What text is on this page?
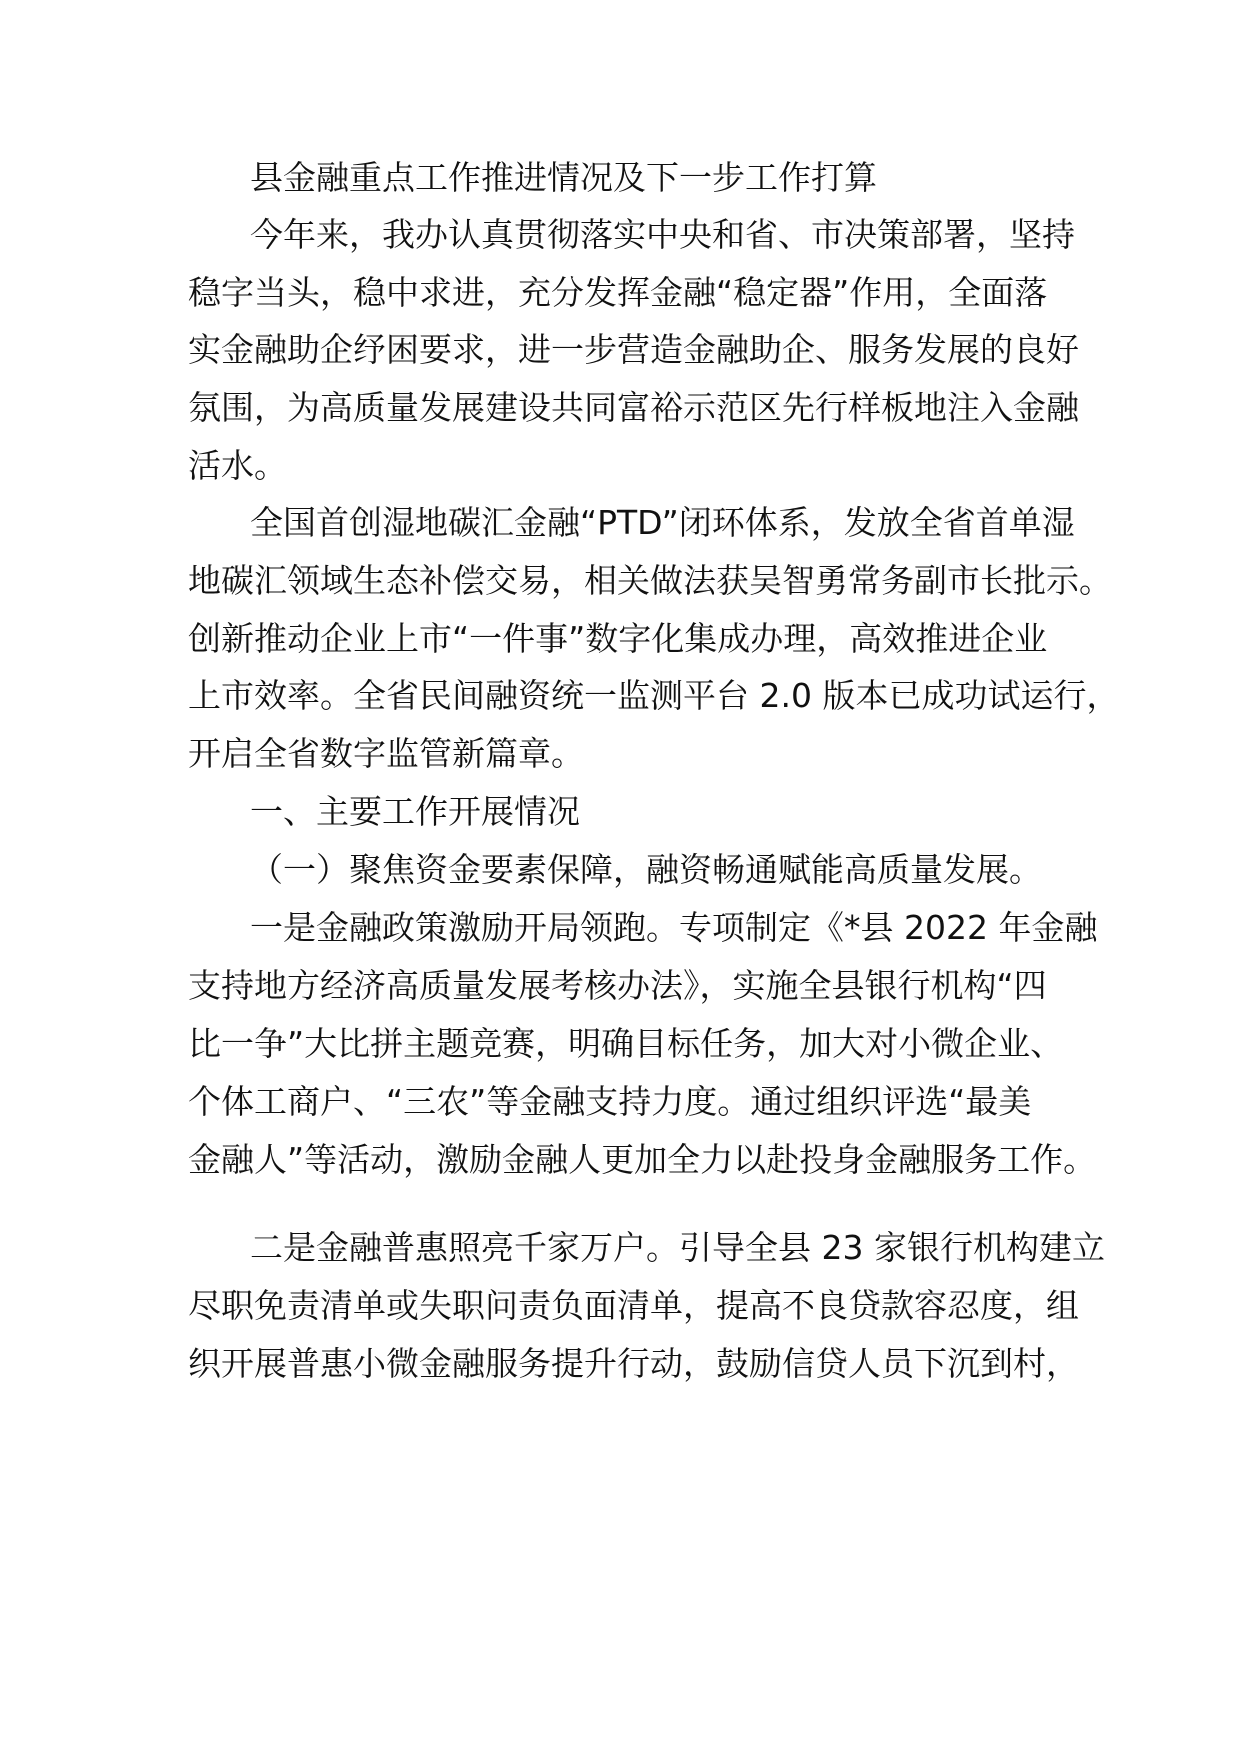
县金融重点工作推进情况及下一步工作打算
今年来，我办认真贯彻落实中央和省、市决策部署，坚持
稳字当头，稳中求进，充分发挥金融“稳定器”作用，全面落
实金融助企纾困要求，进一步营造金融助企、服务发展的良好
氛围，为高质量发展建设共同富裕示范区先行样板地注入金融
活水。
全国首创湿地碳汇金融“PTD”闭环体系，发放全省首单湿
地碳汇领域生态补偿交易，相关做法获吴智勇常务副市长批示。
创新推动企业上市“一件事”数字化集成办理，高效推进企业
上市效率。全省民间融资统一监测平台 2.0 版本已成功试运行，
开启全省数字监管新篇章。
一、主要工作开展情况
（一）聚焦资金要素保障，融资畅通赋能高质量发展。
一是金融政策激励开局领跑。专项制定《*县 2022 年金融
支持地方经济高质量发展考核办法》，实施全县银行机构“四
比一争”大比拼主题竞赛，明确目标任务，加大对小微企业、
个体工商户、“三农”等金融支持力度。通过组织评选“最美
金融人”等活动，激励金融人更加全力以赴投身金融服务工作。
二是金融普惠照亮千家万户。引导全县 23 家银行机构建立
尽职免责清单或失职问责负面清单，提高不良贷款容忍度，组
织开展普惠小微金融服务提升行动，鼓励信贷人员下沉到村，
